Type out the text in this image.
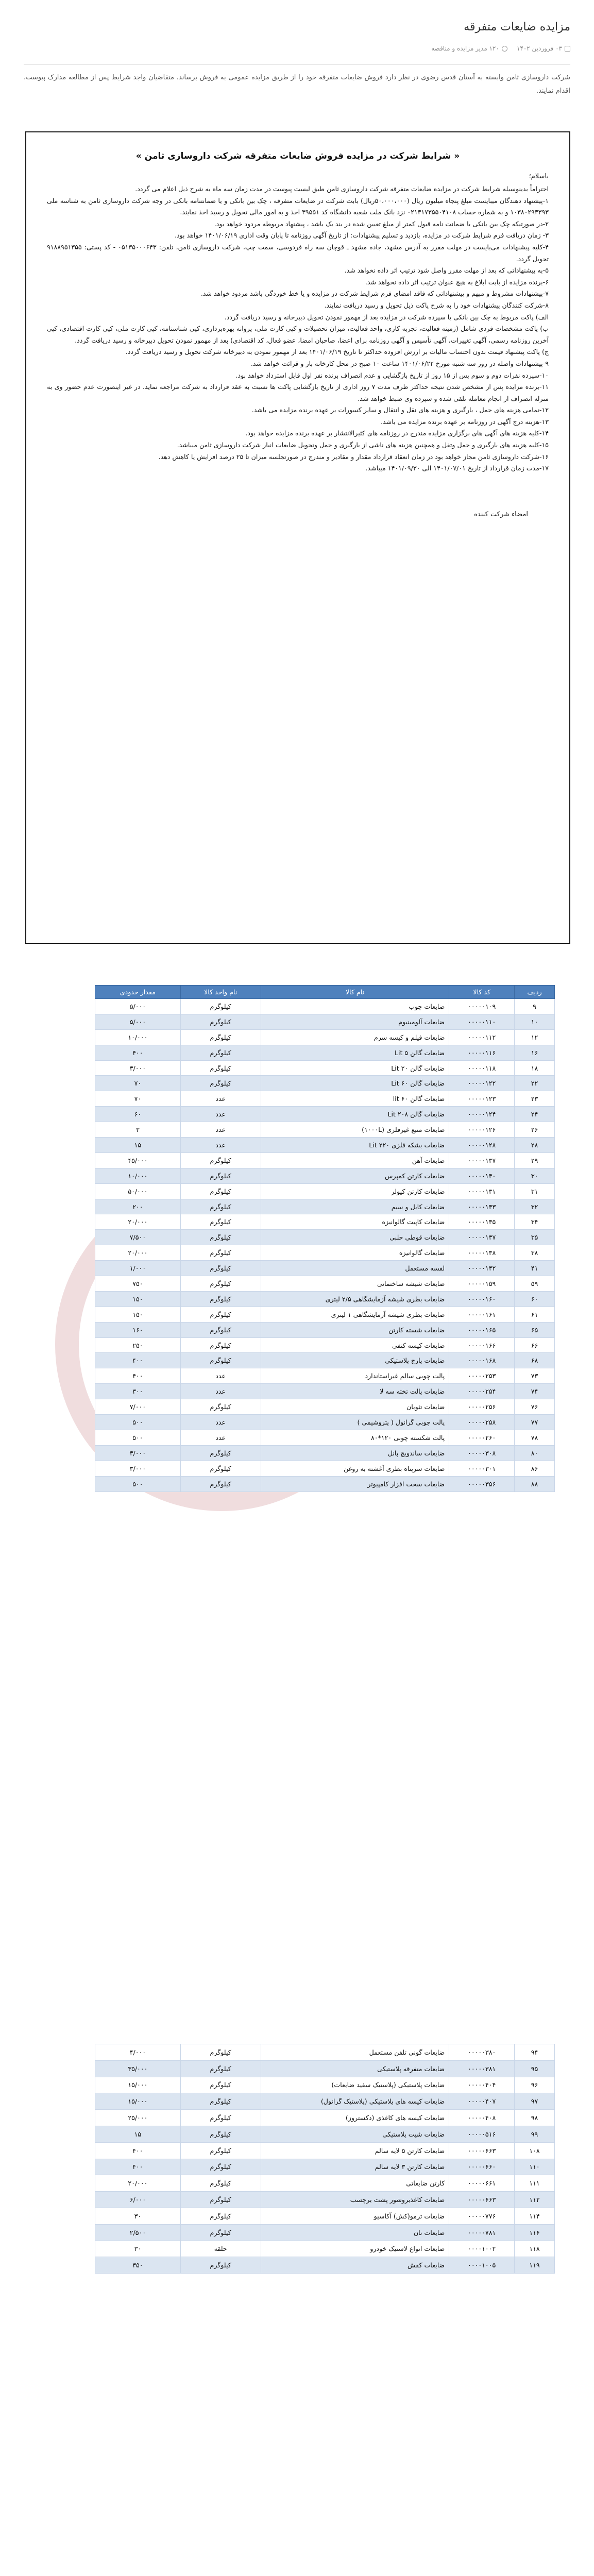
مزایده ضایعات متفرقه
۰۳ فروردین ۱۴۰۲
۱۲۰ مدیر مزایده و مناقصه

شرکت داروسازی ثامن وابسته به آستان قدس رضوی در نظر دارد فروش ضایعات متفرقه خود را از طریق مزایده عمومی به فروش برساند. متقاضیان واجد شرایط پس از مطالعه مدارک پیوست، اقدام نمایند.

« شرایط شرکت در مزایده فروش ضایعات متفرقه شرکت داروسازی ثامن »
باسلام؛

احتراماً بدینوسیله شرایط شرکت در مزایده ضایعات متفرقه شرکت داروسازی ثامن طبق لیست پیوست در مدت زمان سه ماه به شرح ذیل اعلام می گردد.

۱-پیشنهاد دهندگان میبایست مبلغ پنجاه میلیون ریال (۵۰،۰۰۰،۰۰۰ریال) بابت شرکت در ضایعات متفرقه ، چک بین بانکی و یا ضمانتنامه بانکی در وجه شرکت داروسازی ثامن به شناسه ملی ۱۰۳۸۰۲۹۳۳۹۳ و به شماره حساب ۰۲۱۳۱۷۳۵۵۰۴۱۰۸ نزد بانک ملت شعبه دانشگاه کد ۳۹۵۵۱ اخذ و به امور مالی تحویل و رسید اخذ نمایند.

۲-در صورتیکه چک بین بانکی یا ضمانت نامه قبول کمتر از مبلغ تعیین شده در بند یک باشد ، پیشنهاد مربوطه مردود خواهد بود.

۳- زمان دریافت فرم شرایط شرکت در مزایده، بازدید و تسلیم پیشنهادات: از تاریخ آگهی روزنامه تا پایان وقت اداری ۱۴۰۱/۰۶/۱۹ خواهد بود.

۴-کلیه پیشنهادات می‌بایست در مهلت مقرر به آدرس مشهد، جاده مشهد ـ قوچان سه راه فردوسی، سمت چپ، شرکت داروسازی ثامن، تلفن: ۰۵۱۳۵۰۰۰۶۴۳ - کد پستی: ۹۱۸۸۹۵۱۳۵۵ تحویل گردد.

۵-به پیشنهاداتی که بعد از مهلت مقرر واصل شود ترتیب اثر داده نخواهد شد.

۶-برنده مزایده از بابت ابلاغ به هیچ عنوان ترتیب اثر داده نخواهد شد.

۷-پیشنهادات مشروط و مبهم و پیشنهاداتی که فاقد امضای فرم شرایط شرکت در مزایده و یا خط خوردگی باشد مردود خواهد شد.

۸-شرکت کنندگان پیشنهادات خود را به شرح پاکت ذیل تحویل و رسید دریافت نمایند.

الف) پاکت مربوط به چک بین بانکی یا سپرده شرکت در مزایده بعد از مهمور نمودن تحویل دبیرخانه و رسید دریافت گردد.

ب) پاکت مشخصات فردی شامل (زمینه فعالیت، تجربه کاری، واحد فعالیت، میزان تحصیلات و کپی کارت ملی، پروانه بهره‌برداری، کپی شناسنامه، کپی کارت ملی، کپی کارت اقتصادی، کپی آخرین روزنامه رسمی، آگهی تغییرات، آگهی تأسیس و آگهی روزنامه برای اعضا، صاحبان امضا، عضو فعال، کد اقتصادی) بعد از مهمور نمودن تحویل دبیرخانه و رسید دریافت گردد.

ج) پاکت پیشنهاد قیمت بدون احتساب مالیات بر ارزش افزوده حداکثر تا تاریخ ۱۴۰۱/۰۶/۱۹ بعد از مهمور نمودن به دبیرخانه شرکت تحویل و رسید دریافت گردد.

۹-پیشنهادات واصله در روز سه شنبه مورخ ۱۴۰۱/۰۶/۲۲ ساعت ۱۰ صبح در محل کارخانه باز و قرائت خواهد شد.

۱۰-سپرده نفرات دوم و سوم پس از ۱۵ روز از تاریخ بازگشایی و عدم انصراف برنده نفر اول قابل استرداد خواهد بود.

۱۱-برنده مزایده پس از مشخص شدن نتیجه حداکثر ظرف مدت ۷ روز اداری از تاریخ بازگشایی پاکت ها نسبت به عقد قرارداد به شرکت مراجعه نماید. در غیر اینصورت عدم حضور وی به منزله انصراف از انجام معامله تلقی شده و سپرده وی ضبط خواهد شد.

۱۲-تمامی هزینه های حمل ، بارگیری و هزینه های نقل و انتقال و سایر کسورات بر عهده برنده مزایده می باشد.

۱۳-هزینه درج آگهی در روزنامه بر عهده برنده مزایده می باشد.

۱۴-کلیه هزینه های آگهی های برگزاری مزایده مندرج در روزنامه های کثیرالانتشار بر عهده برنده مزایده خواهد بود.

۱۵-کلیه هزینه های بارگیری و حمل وتقل و همچنین هزینه های ناشی از بارگیری و حمل وتحویل ضایعات انبار شرکت داروسازی ثامن میباشد.

۱۶-شرکت داروسازی ثامن مجاز خواهد بود در زمان انعقاد قرارداد مقدار و مقادیر و مندرج در صورتجلسه میزان تا ۲۵ درصد افزایش یا کاهش دهد.

۱۷-مدت زمان قرارداد از تاریخ ۱۴۰۱/۰۷/۰۱ الی ۱۴۰۱/۰۹/۳۰ میباشد.

امضاء شرکت کننده
ردیف	کد کالا	نام کالا	نام واحد کالا	مقدار حدودی
۹	۰۰۰۰۰۱۰۹	ضایعات چوب	کیلوگرم	۵/۰۰۰
۱۰	۰۰۰۰۰۱۱۰	ضایعات آلومینیوم	کیلوگرم	۵/۰۰۰
۱۲	۰۰۰۰۰۱۱۲	ضایعات فیلم و کیسه سرم	کیلوگرم	۱۰/۰۰۰
۱۶	۰۰۰۰۰۱۱۶	ضایعات گالن Lit ۵	کیلوگرم	۴۰۰
۱۸	۰۰۰۰۰۱۱۸	ضایعات گالن Lit ۲۰	کیلوگرم	۳/۰۰۰
۲۲	۰۰۰۰۰۱۲۲	ضایعات گالن Lit ۶۰	کیلوگرم	۷۰
۲۳	۰۰۰۰۰۱۲۳	ضایعات گالن lit ۶۰	عدد	۷۰
۲۴	۰۰۰۰۰۱۲۴	ضایعات گالن Lit ۲۰۸	عدد	۶۰
۲۶	۰۰۰۰۰۱۲۶	ضایعات منبع غیرفلزی (۱۰۰۰L)	عدد	۳
۲۸	۰۰۰۰۰۱۲۸	ضایعات بشکه فلزی Lit ۲۲۰	عدد	۱۵
۲۹	۰۰۰۰۰۱۳۷	ضایعات آهن	کیلوگرم	۴۵/۰۰۰
۳۰	۰۰۰۰۰۱۳۰	ضایعات کارتن کمپرس	کیلوگرم	۱۰/۰۰۰
۳۱	۰۰۰۰۰۱۳۱	ضایعات کارتن کیولر	کیلوگرم	۵۰/۰۰۰
۳۲	۰۰۰۰۰۱۳۳	ضایعات کابل و سیم	کیلوگرم	۲۰۰
۳۴	۰۰۰۰۰۱۳۵	ضایعات کاپیت گالوانیزه	کیلوگرم	۲۰/۰۰۰
۳۵	۰۰۰۰۰۱۳۷	ضایعات قوطی حلبی	کیلوگرم	۷/۵۰۰
۳۸	۰۰۰۰۰۱۳۸	ضایعات گالوانیزه	کیلوگرم	۲۰/۰۰۰
۴۱	۰۰۰۰۰۱۴۲	لفسه مستعمل	کیلوگرم	۱/۰۰۰
۵۹	۰۰۰۰۰۱۵۹	ضایعات شیشه ساختمانی	کیلوگرم	۷۵۰
۶۰	۰۰۰۰۰۱۶۰	ضایعات بطری شیشه آزمایشگاهی ۲/۵ لیتری	کیلوگرم	۱۵۰
۶۱	۰۰۰۰۰۱۶۱	ضایعات بطری شیشه آزمایشگاهی ۱ لیتری	کیلوگرم	۱۵۰
۶۵	۰۰۰۰۰۱۶۵	ضایعات شسته کارتن	کیلوگرم	۱۶۰
۶۶	۰۰۰۰۰۱۶۶	ضایعات کیسه کنفی	کیلوگرم	۲۵۰
۶۸	۰۰۰۰۰۱۶۸	ضایعات پارچ پلاستیکی	کیلوگرم	۴۰۰
۷۳	۰۰۰۰۰۲۵۳	پالت چوبی سالم غیراستاندارد	عدد	۴۰۰
۷۴	۰۰۰۰۰۲۵۴	ضایعات پالت تخته سه لا	عدد	۳۰۰
۷۶	۰۰۰۰۰۲۵۶	ضایعات تئوبان	کیلوگرم	۷/۰۰۰
۷۷	۰۰۰۰۰۲۵۸	پالت چوبی گرانول ( پتروشیمی )	عدد	۵۰۰
۷۸	۰۰۰۰۰۲۶۰	پالت شکسته چوبی ۱۲۰*۸۰	عدد	۵۰۰
۸۰	۰۰۰۰۰۳۰۸	ضایعات ساندویچ پانل	کیلوگرم	۳/۰۰۰
۸۶	۰۰۰۰۰۳۰۱	ضایعات سرپناه بطری آغشته به روغن	کیلوگرم	۳/۰۰۰
۸۸	۰۰۰۰۰۳۵۶	ضایعات سخت افزار کامپیوتر	کیلوگرم	۵۰۰
۹۴	۰۰۰۰۰۳۸۰	ضایعات گونی تلفن مستعمل	کیلوگرم	۴/۰۰۰
۹۵	۰۰۰۰۰۳۸۱	ضایعات متفرقه پلاستیکی	کیلوگرم	۳۵/۰۰۰
۹۶	۰۰۰۰۰۴۰۴	ضایعات پلاستیکی (پلاستیک سفید ضایعات)	کیلوگرم	۱۵/۰۰۰
۹۷	۰۰۰۰۰۴۰۷	ضایعات کیسه های پلاستیکی (پلاستیک گرانول)	کیلوگرم	۱۵/۰۰۰
۹۸	۰۰۰۰۰۴۰۸	ضایعات کیسه های کاغذی (دکستروز)	کیلوگرم	۲۵/۰۰۰
۹۹	۰۰۰۰۰۵۱۶	ضایعات شیت پلاستیکی	کیلوگرم	۱۵
۱۰۸	۰۰۰۰۰۶۶۳	ضایعات کارتن ۵ لایه سالم	کیلوگرم	۴۰۰
۱۱۰	۰۰۰۰۰۶۶۰	ضایعات کارتن ۳ لایه سالم	کیلوگرم	۴۰۰
۱۱۱	۰۰۰۰۰۶۶۱	کارتن ضایعاتی	کیلوگرم	۲۰/۰۰۰
۱۱۲	۰۰۰۰۰۶۶۳	ضایعات کاغذبروشور پشت برچسب	کیلوگرم	۶/۰۰۰
۱۱۴	۰۰۰۰۰۷۷۶	ضایعات ترمو(کش) آکاسیو	کیلوگرم	۳۰
۱۱۶	۰۰۰۰۰۷۸۱	ضایعات نان	کیلوگرم	۲/۵۰۰
۱۱۸	۰۰۰۰۱۰۰۲	ضایعات انواع لاستیک خودرو	حلقه	۳۰
۱۱۹	۰۰۰۰۱۰۰۵	ضایعات کفش	کیلوگرم	۳۵۰
